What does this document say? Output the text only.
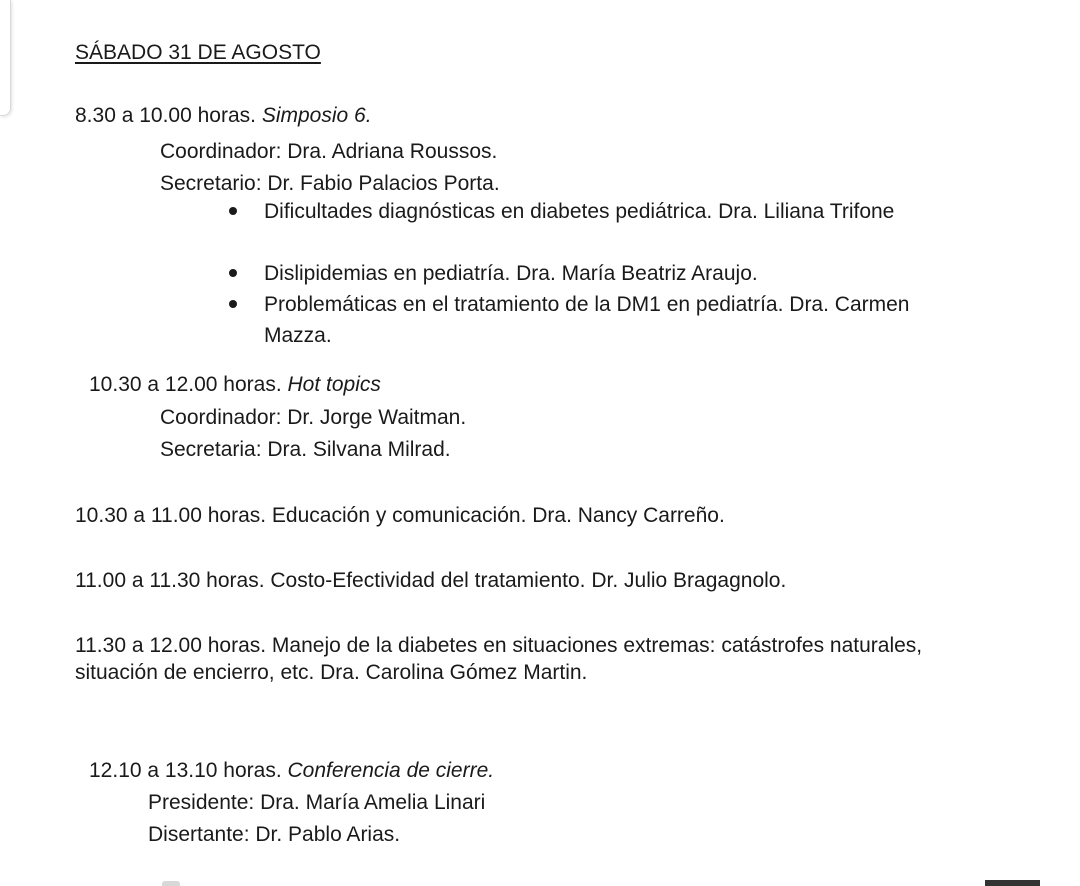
SÁBADO 31 DE AGOSTO
8.30 a 10.00 horas. Simposio 6.
Coordinador: Dra. Adriana Roussos.
Secretario: Dr. Fabio Palacios Porta.
Dificultades diagnósticas en diabetes pediátrica. Dra. Liliana Trifone
Dislipidemias en pediatría. Dra. María Beatriz Araujo.
Problemáticas en el tratamiento de la DM1 en pediatría. Dra. Carmen Mazza.
10.30 a 12.00 horas. Hot topics
Coordinador: Dr. Jorge Waitman.
Secretaria: Dra. Silvana Milrad.
10.30 a 11.00 horas. Educación y comunicación. Dra. Nancy Carreño.
11.00 a 11.30 horas. Costo-Efectividad del tratamiento. Dr. Julio Bragagnolo.
11.30 a 12.00 horas. Manejo de la diabetes en situaciones extremas: catástrofes naturales, situación de encierro, etc. Dra. Carolina Gómez Martin.
12.10 a 13.10 horas. Conferencia de cierre.
Presidente: Dra. María Amelia Linari
Disertante: Dr. Pablo Arias.
